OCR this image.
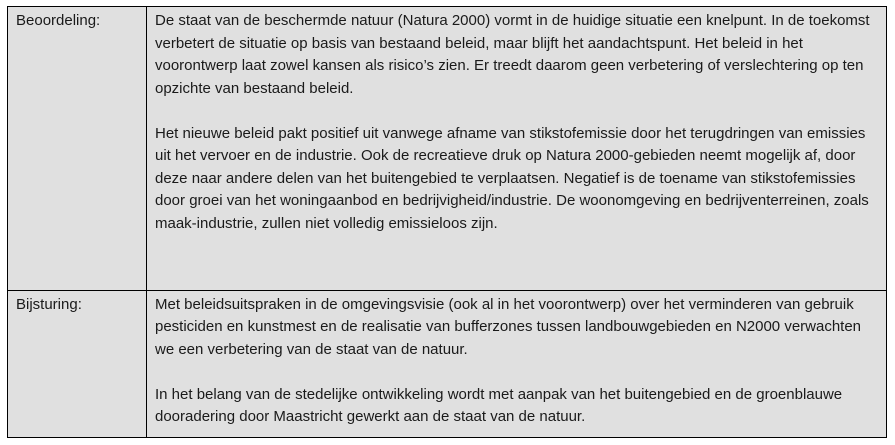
Beoordeling:	De staat van de beschermde natuur (Natura 2000) vormt in de huidige situatie een knelpunt. In de toekomst verbetert de situatie op basis van bestaand beleid, maar blijft het aandachtspunt. Het beleid in het voorontwerp laat zowel kansen als risico’s zien. Er treedt daarom geen verbetering of verslechtering op ten opzichte van bestaand beleid.

Het nieuwe beleid pakt positief uit vanwege afname van stikstofemissie door het terugdringen van emissies uit het vervoer en de industrie. Ook de recreatieve druk op Natura 2000-gebieden neemt mogelijk af, door deze naar andere delen van het buitengebied te verplaatsen. Negatief is de toename van stikstofemissies door groei van het woningaanbod en bedrijvigheid/industrie. De woonomgeving en bedrijventerreinen, zoals maak-industrie, zullen niet volledig emissieloos zijn.

Bijsturing:	Met beleidsuitspraken in de omgevingsvisie (ook al in het voorontwerp) over het verminderen van gebruik pesticiden en kunstmest en de realisatie van bufferzones tussen landbouwgebieden en N2000 verwachten we een verbetering van de staat van de natuur.

In het belang van de stedelijke ontwikkeling wordt met aanpak van het buitengebied en de groenblauwe dooradering door Maastricht gewerkt aan de staat van de natuur.
